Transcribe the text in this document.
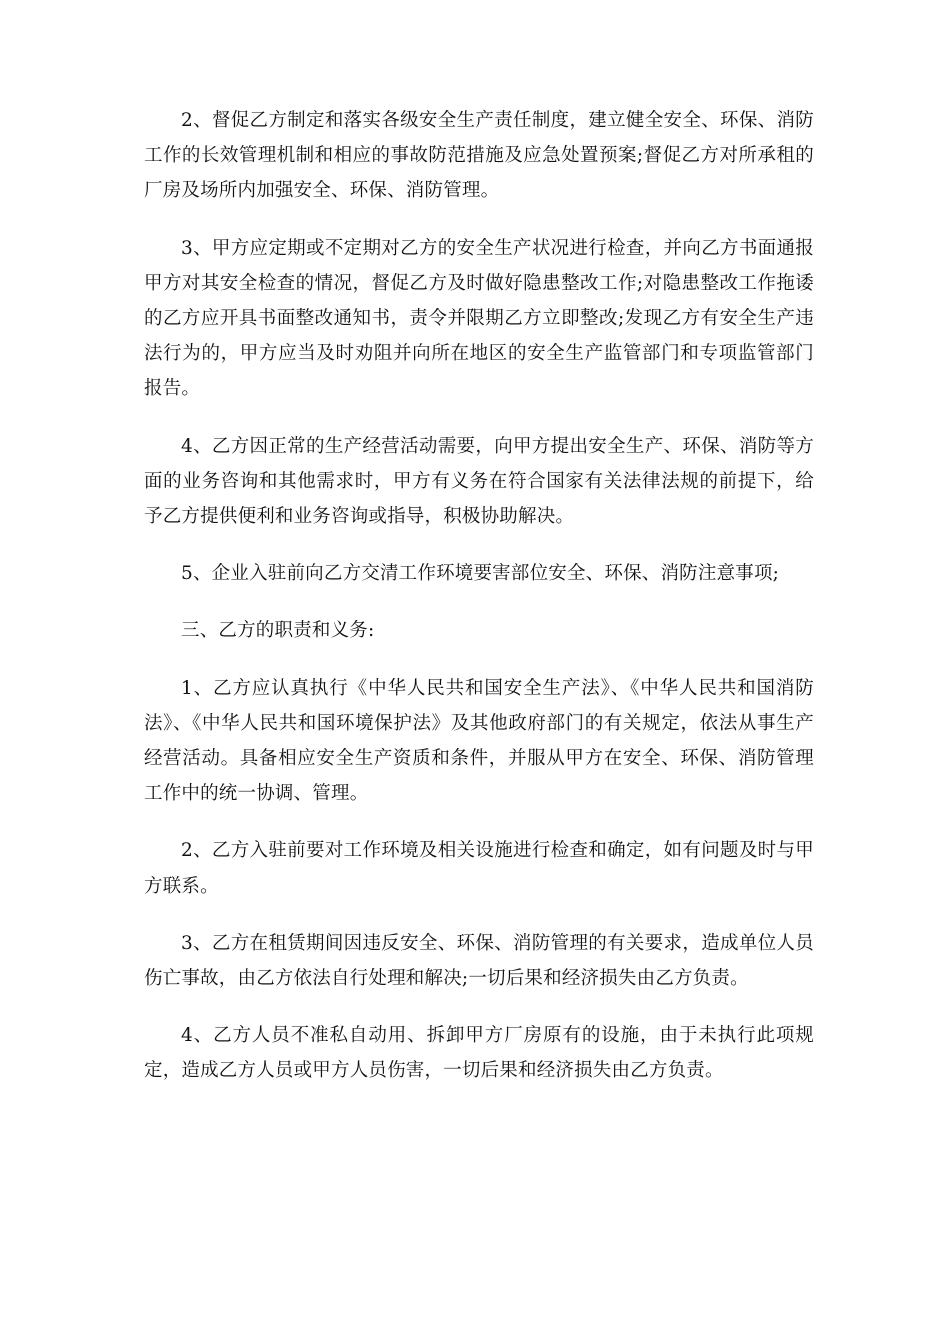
2、督促乙方制定和落实各级安全生产责任制度，建立健全安全、环保、消防工作的长效管理机制和相应的事故防范措施及应急处置预案;督促乙方对所承租的厂房及场所内加强安全、环保、消防管理。

3、甲方应定期或不定期对乙方的安全生产状况进行检查，并向乙方书面通报甲方对其安全检查的情况，督促乙方及时做好隐患整改工作;对隐患整改工作拖诿的乙方应开具书面整改通知书，责令并限期乙方立即整改;发现乙方有安全生产违法行为的，甲方应当及时劝阻并向所在地区的安全生产监管部门和专项监管部门报告。

4、乙方因正常的生产经营活动需要，向甲方提出安全生产、环保、消防等方面的业务咨询和其他需求时，甲方有义务在符合国家有关法律法规的前提下，给予乙方提供便利和业务咨询或指导，积极协助解决。

5、企业入驻前向乙方交清工作环境要害部位安全、环保、消防注意事项;

三、乙方的职责和义务:

1、乙方应认真执行《中华人民共和国安全生产法》、《中华人民共和国消防法》、《中华人民共和国环境保护法》及其他政府部门的有关规定，依法从事生产经营活动。具备相应安全生产资质和条件，并服从甲方在安全、环保、消防管理工作中的统一协调、管理。

2、乙方入驻前要对工作环境及相关设施进行检查和确定，如有问题及时与甲方联系。

3、乙方在租赁期间因违反安全、环保、消防管理的有关要求，造成单位人员伤亡事故，由乙方依法自行处理和解决;一切后果和经济损失由乙方负责。

4、乙方人员不准私自动用、拆卸甲方厂房原有的设施，由于未执行此项规定，造成乙方人员或甲方人员伤害，一切后果和经济损失由乙方负责。
